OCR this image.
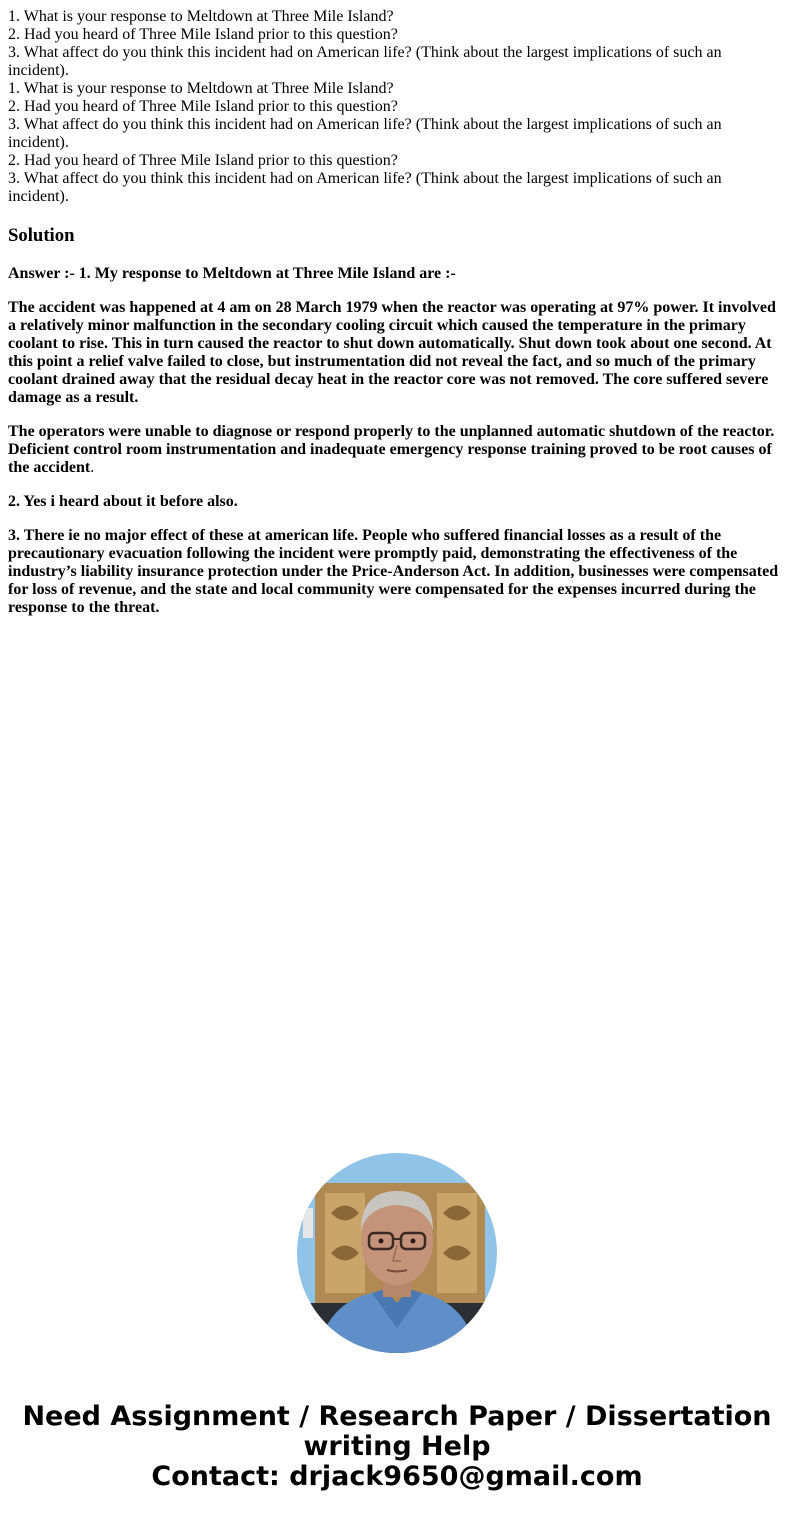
1. What is your response to Meltdown at Three Mile Island?
2. Had you heard of Three Mile Island prior to this question?
3. What affect do you think this incident had on American life? (Think about the largest implications of such an incident).
1. What is your response to Meltdown at Three Mile Island?
2. Had you heard of Three Mile Island prior to this question?
3. What affect do you think this incident had on American life? (Think about the largest implications of such an incident).
2. Had you heard of Three Mile Island prior to this question?
3. What affect do you think this incident had on American life? (Think about the largest implications of such an incident).
Solution

Answer :- 1. My response to Meltdown at Three Mile Island are :-

The accident was happened at 4 am on 28 March 1979 when the reactor was operating at 97% power. It involved a relatively minor malfunction in the secondary cooling circuit which caused the temperature in the primary coolant to rise. This in turn caused the reactor to shut down automatically. Shut down took about one second. At this point a relief valve failed to close, but instrumentation did not reveal the fact, and so much of the primary coolant drained away that the residual decay heat in the reactor core was not removed. The core suffered severe damage as a result.

The operators were unable to diagnose or respond properly to the unplanned automatic shutdown of the reactor. Deficient control room instrumentation and inadequate emergency response training proved to be root causes of the accident.

2. Yes i heard about it before also.

3. There ie no major effect of these at american life. People who suffered financial losses as a result of the precautionary evacuation following the incident were promptly paid, demonstrating the effectiveness of the industry’s liability insurance protection under the Price-Anderson Act. In addition, businesses were compensated for loss of revenue, and the state and local community were compensated for the expenses incurred during the response to the threat.

Need Assignment / Research Paper / Dissertation
writing Help
Contact: drjack9650@gmail.com
